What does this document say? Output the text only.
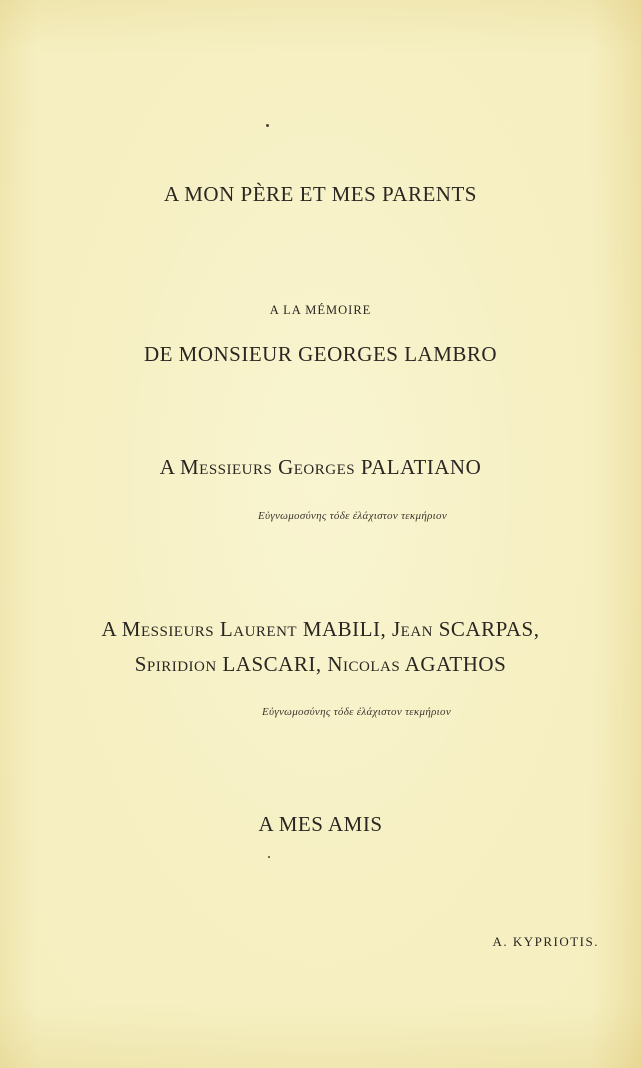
A MON PÈRE ET MES PARENTS
A LA MÉMOIRE
DE MONSIEUR GEORGES LAMBRO
A Messieurs Georges PALATIANO
Εὐγνωμοσύνης τόδε ἐλάχιστον τεκμήριον
A Messieurs Laurent MABILI, Jean SCARPAS,
Spiridion LASCARI, Nicolas AGATHOS
Εὐγνωμοσύνης τόδε ἐλάχιστον τεκμήριον
A MES AMIS
A. KYPRIOTIS.
